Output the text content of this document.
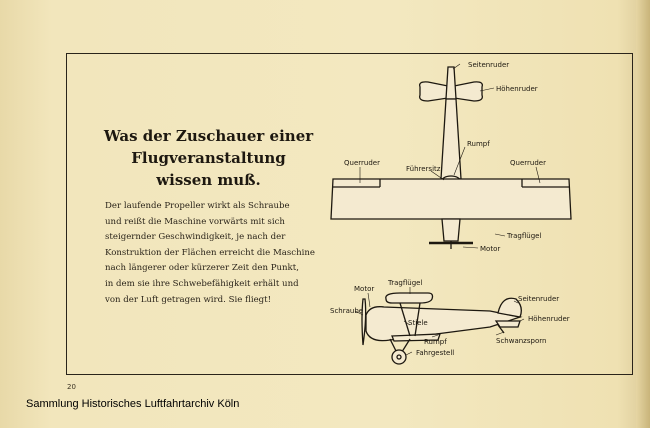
Was der Zuschauer einer
Flugveranstaltung
wissen muß.
Der laufende Propeller wirkt als Schraube
und reißt die Maschine vorwärts mit sich
steigernder Geschwindigkeit, je nach der
Konstruktion der Flächen erreicht die Maschine
nach längerer oder kürzerer Zeit den Punkt,
in dem sie ihre Schwebefähigkeit erhält und
von der Luft getragen wird. Sie fliegt!
Seitenruder
Höhenruder
Rumpf
Querruder	Querruder
Führersitz
Tragflügel
Motor
Motor
Tragflügel
Schraube
Stiele
Seitenruder
Höhenruder
Rumpf	Schwanzsporn
Fahrgestell
20
Sammlung Historisches Luftfahrtarchiv Köln
